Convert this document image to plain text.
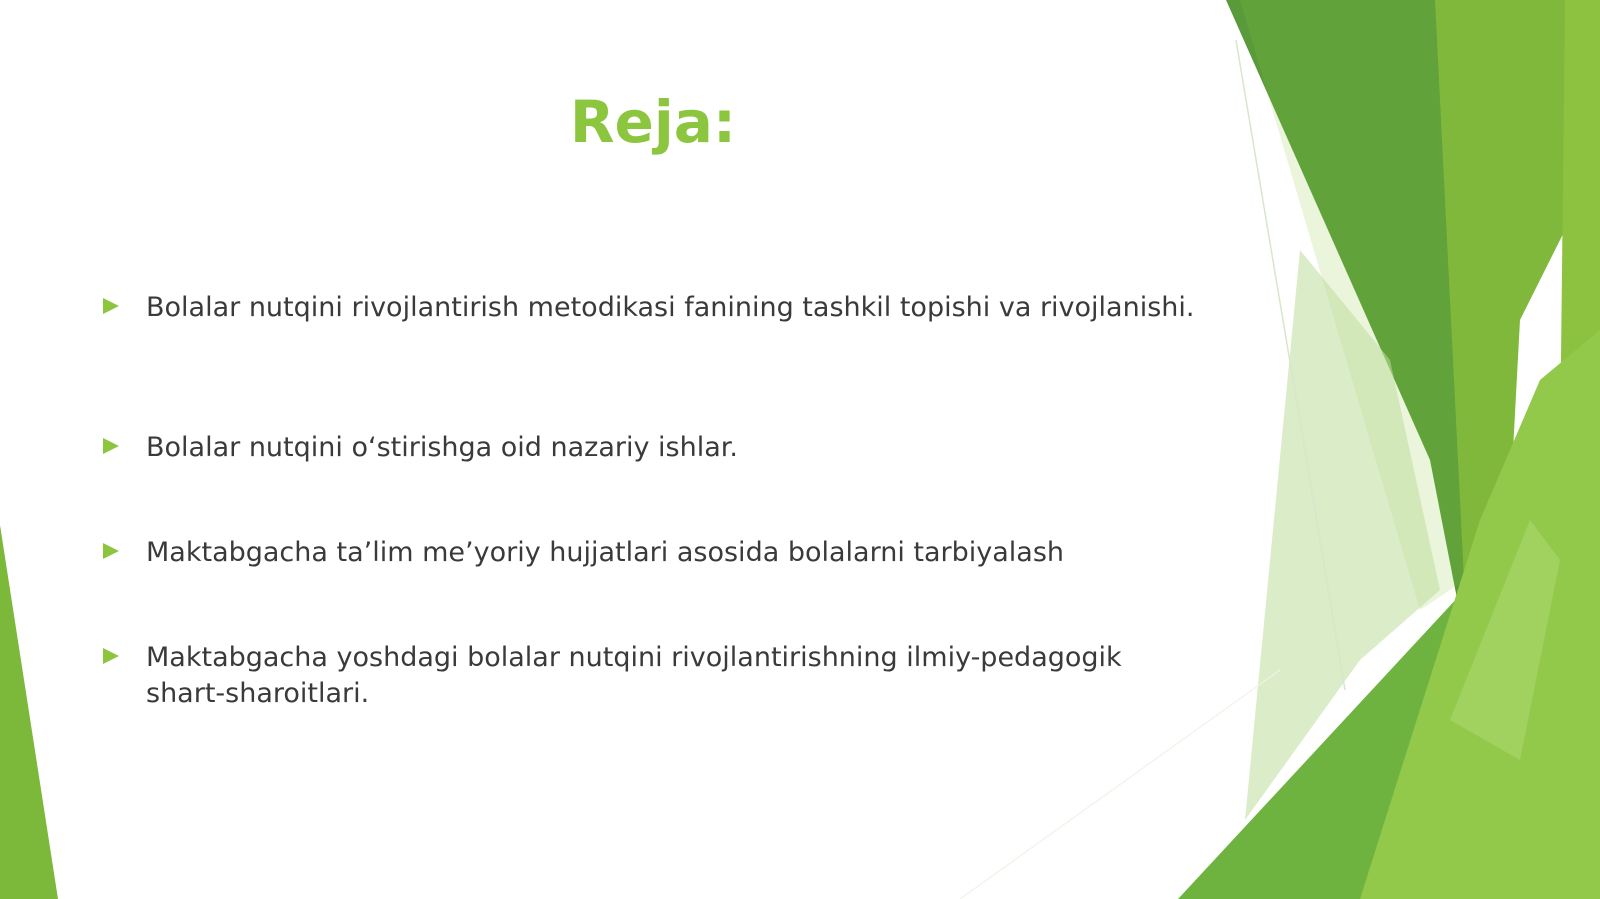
Reja:
Bolalar nutqini rivojlantirish metodikasi fanining tashkil topishi va rivojlanishi.
Bolalar nutqini o‘stirishga oid nazariy ishlar.
Maktabgacha ta’lim me’yoriy hujjatlari asosida bolalarni tarbiyalash
Maktabgacha yoshdagi bolalar nutqini rivojlantirishning ilmiy-pedagogik shart-sharoitlari.
